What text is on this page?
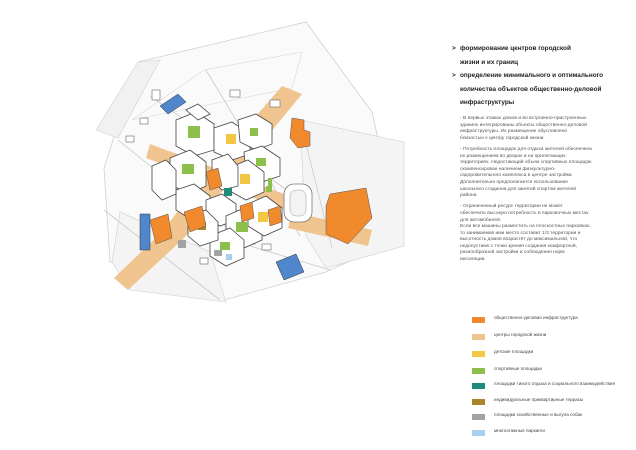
> формирование центров городской
жизни и их границ
> определение минимального и оптимального
количества объектов общественно-деловой
инфраструктуры

- В первых этажах домов и во встроенно-пристроенных
зданиях интегрированы объекты общественно-деловой
инфраструктуры. Их размещение обусловлено
близостью к центру городской жизни.

- Потребность площадок для отдыха жителей обеспечена
их размещением во дворах и на прилегающих
территориях. Недостающий объем спортивных площадок
скомпенсирован наличием физкультурно-
оздоровительного комплекса в центре застройки.
Дополнительно предполагается использование
школьного стадиона для занятий спортом жителей
района.

- Ограниченный ресурс территории не может
обеспечить высокую потребность в парковочных местах
для автомобилей.
Если все машины разместить на плоскостных парковках,
то занимаемая ими место составит 1/3 территории и
высотность домов возрастёт до максимальной, что
недопустимо с точки зрения создания комфортной,
разнообразной застройки и соблюдения норм
инсоляции.

общественно-деловая инфраструктура
центры городской жизни
детские площадки
спортивные площадки
площадки тихого отдыха и социального взаимодействия
индивидуальные приквартирные террасы
площадки хозяйственные и выгула собак
многоэтажные паркинги
